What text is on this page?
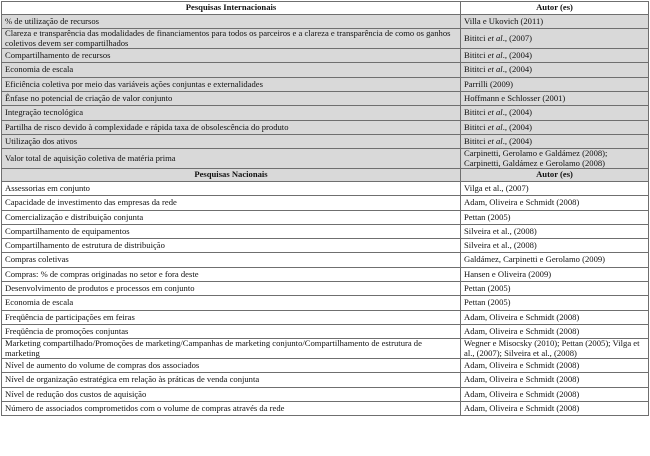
Pesquisas Internacionais	Autor (es)
% de utilização de recursos	Villa e Ukovich (2011)
Clareza e transparência das modalidades de financiamentos para todos os parceiros e a clareza e transparência de como os ganhos coletivos devem ser compartilhados	Bititci et al., (2007)
Compartilhamento de recursos	Bititci et al., (2004)
Economia de escala	Bititci et al., (2004)
Eficiência coletiva por meio das variáveis ações conjuntas e externalidades	Parrilli (2009)
Ênfase no potencial de criação de valor conjunto	Hoffmann e Schlosser (2001)
Integração tecnológica	Bititci et al., (2004)
Partilha de risco devido à complexidade e rápida taxa de obsolescência do produto	Bititci et al., (2004)
Utilização dos ativos	Bititci et al., (2004)
Valor total de aquisição coletiva de matéria prima	Carpinetti, Gerolamo e Galdámez (2008); Carpinetti, Galdámez e Gerolamo (2008)
Pesquisas Nacionais	Autor (es)
Assessorias em conjunto	Vilga et al., (2007)
Capacidade de investimento das empresas da rede	Adam, Oliveira e Schmidt (2008)
Comercialização e distribuição conjunta	Pettan (2005)
Compartilhamento de equipamentos	Silveira et al., (2008)
Compartilhamento de estrutura de distribuição	Silveira et al., (2008)
Compras coletivas	Galdámez, Carpinetti e Gerolamo (2009)
Compras: % de compras originadas no setor e fora deste	Hansen e Oliveira (2009)
Desenvolvimento de produtos e processos em conjunto	Pettan (2005)
Economia de escala	Pettan (2005)
Freqüência de participações em feiras	Adam, Oliveira e Schmidt (2008)
Freqüência de promoções conjuntas	Adam, Oliveira e Schmidt (2008)
Marketing compartilhado/Promoções de marketing/Campanhas de marketing conjunto/Compartilhamento de estrutura de marketing	Wegner e Misocsky (2010); Pettan (2005); Vilga et al., (2007); Silveira et al., (2008)
Nível de aumento do volume de compras dos associados	Adam, Oliveira e Schmidt (2008)
Nível de organização estratégica em relação às práticas de venda conjunta	Adam, Oliveira e Schmidt (2008)
Nível de redução dos custos de aquisição	Adam, Oliveira e Schmidt (2008)
Número de associados comprometidos com o volume de compras através da rede	Adam, Oliveira e Schmidt (2008)
